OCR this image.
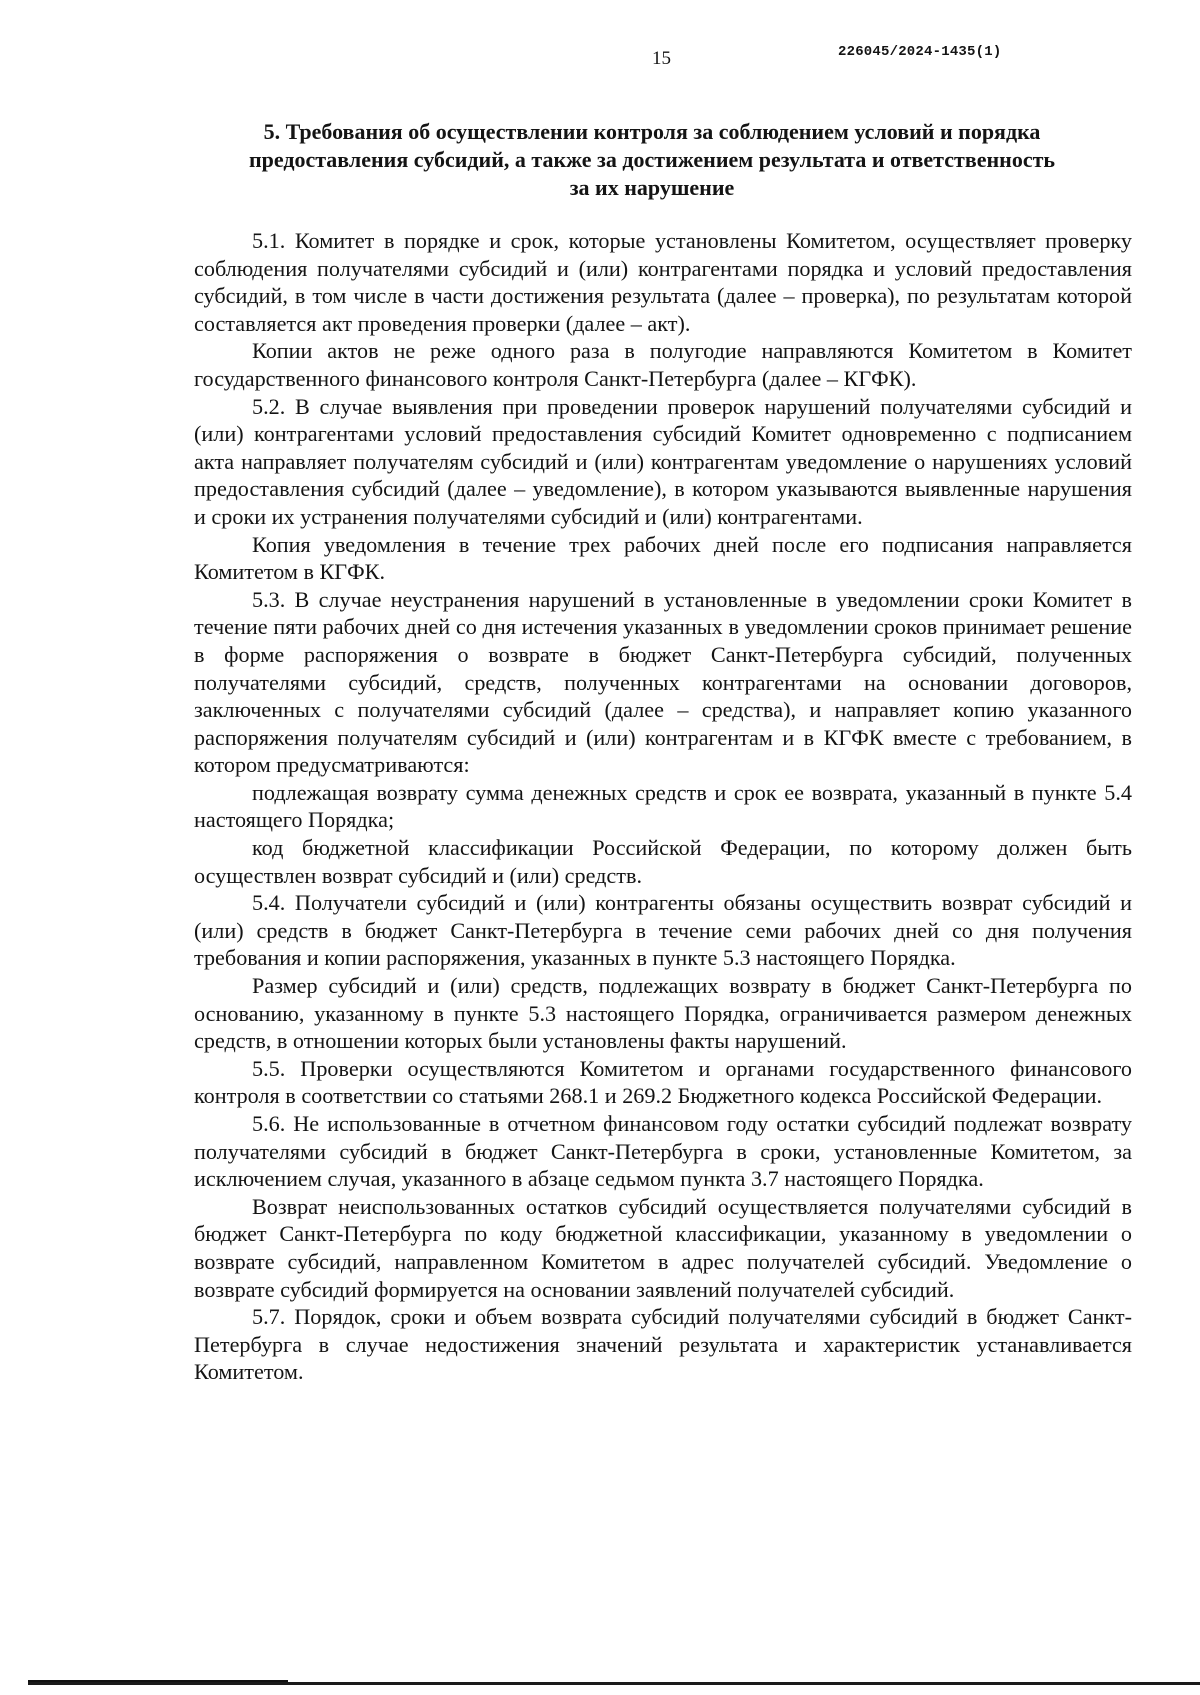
15	226045/2024-1435(1)
5. Требования об осуществлении контроля за соблюдением условий и порядка
предоставления субсидий, а также за достижением результата и ответственность
за их нарушение

5.1. Комитет в порядке и срок, которые установлены Комитетом, осуществляет проверку соблюдения получателями субсидий и (или) контрагентами порядка и условий предоставления субсидий, в том числе в части достижения результата (далее – проверка), по результатам которой составляется акт проведения проверки (далее – акт).

Копии актов не реже одного раза в полугодие направляются Комитетом в Комитет государственного финансового контроля Санкт-Петербурга (далее – КГФК).

5.2. В случае выявления при проведении проверок нарушений получателями субсидий и (или) контрагентами условий предоставления субсидий Комитет одновременно с подписанием акта направляет получателям субсидий и (или) контрагентам уведомление о нарушениях условий предоставления субсидий (далее – уведомление), в котором указываются выявленные нарушения и сроки их устранения получателями субсидий и (или) контрагентами.

Копия уведомления в течение трех рабочих дней после его подписания направляется Комитетом в КГФК.

5.3. В случае неустранения нарушений в установленные в уведомлении сроки Комитет в течение пяти рабочих дней со дня истечения указанных в уведомлении сроков принимает решение в форме распоряжения о возврате в бюджет Санкт-Петербурга субсидий, полученных получателями субсидий, средств, полученных контрагентами на основании договоров, заключенных с получателями субсидий (далее – средства), и направляет копию указанного распоряжения получателям субсидий и (или) контрагентам и в КГФК вместе с требованием, в котором предусматриваются:

подлежащая возврату сумма денежных средств и срок ее возврата, указанный в пункте 5.4 настоящего Порядка;

код бюджетной классификации Российской Федерации, по которому должен быть осуществлен возврат субсидий и (или) средств.

5.4. Получатели субсидий и (или) контрагенты обязаны осуществить возврат субсидий и (или) средств в бюджет Санкт-Петербурга в течение семи рабочих дней со дня получения требования и копии распоряжения, указанных в пункте 5.3 настоящего Порядка.

Размер субсидий и (или) средств, подлежащих возврату в бюджет Санкт-Петербурга по основанию, указанному в пункте 5.3 настоящего Порядка, ограничивается размером денежных средств, в отношении которых были установлены факты нарушений.

5.5. Проверки осуществляются Комитетом и органами государственного финансового контроля в соответствии со статьями 268.1 и 269.2 Бюджетного кодекса Российской Федерации.

5.6. Не использованные в отчетном финансовом году остатки субсидий подлежат возврату получателями субсидий в бюджет Санкт-Петербурга в сроки, установленные Комитетом, за исключением случая, указанного в абзаце седьмом пункта 3.7 настоящего Порядка.

Возврат неиспользованных остатков субсидий осуществляется получателями субсидий в бюджет Санкт-Петербурга по коду бюджетной классификации, указанному в уведомлении о возврате субсидий, направленном Комитетом в адрес получателей субсидий. Уведомление о возврате субсидий формируется на основании заявлений получателей субсидий.

5.7. Порядок, сроки и объем возврата субсидий получателями субсидий в бюджет Санкт-Петербурга в случае недостижения значений результата и характеристик устанавливается Комитетом.
